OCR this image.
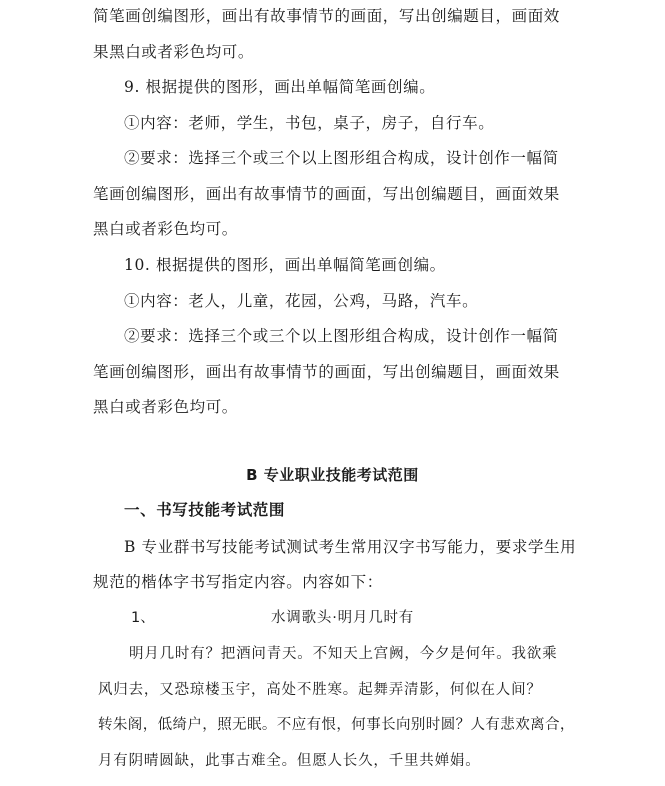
简笔画创编图形，画出有故事情节的画面，写出创编题目，画面效
果黑白或者彩色均可。
9. 根据提供的图形，画出单幅简笔画创编。
①内容：老师，学生，书包，桌子，房子，自行车。
②要求：选择三个或三个以上图形组合构成，设计创作一幅简
笔画创编图形，画出有故事情节的画面，写出创编题目，画面效果
黑白或者彩色均可。
10. 根据提供的图形，画出单幅简笔画创编。
①内容：老人，儿童，花园，公鸡，马路，汽车。
②要求：选择三个或三个以上图形组合构成，设计创作一幅简
笔画创编图形，画出有故事情节的画面，写出创编题目，画面效果
黑白或者彩色均可。
B 专业职业技能考试范围
一、书写技能考试范围
B 专业群书写技能考试测试考生常用汉字书写能力，要求学生用
规范的楷体字书写指定内容。内容如下：
1、	水调歌头·明月几时有
明月几时有？把酒问青天。不知天上宫阙，今夕是何年。我欲乘
风归去，又恐琼楼玉宇，高处不胜寒。起舞弄清影，何似在人间？
转朱阁，低绮户，照无眠。不应有恨，何事长向别时圆？人有悲欢离合，
月有阴晴圆缺，此事古难全。但愿人长久，千里共婵娟。
